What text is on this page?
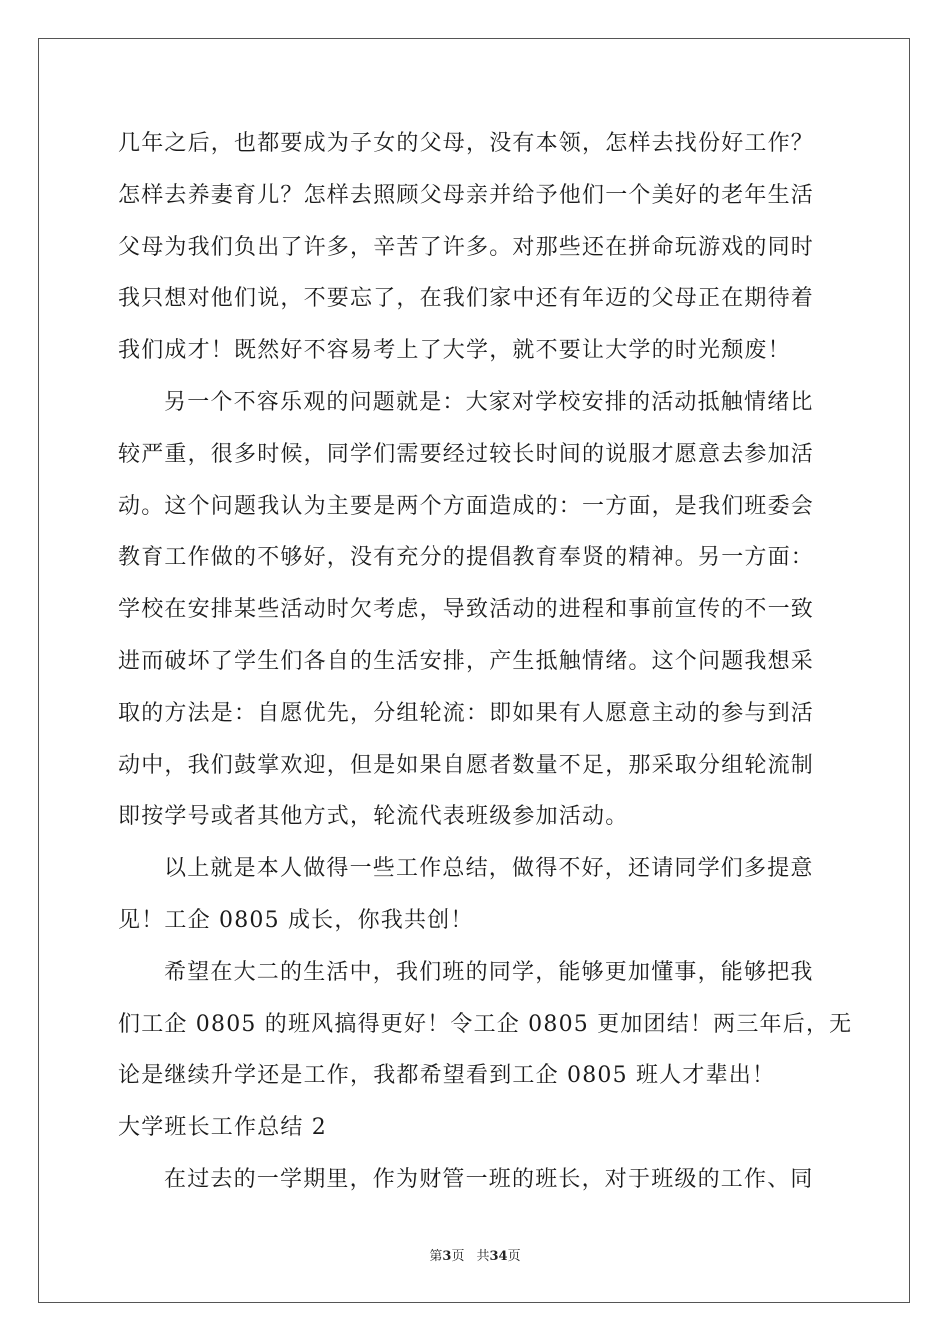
几年之后，也都要成为子女的父母，没有本领，怎样去找份好工作？
怎样去养妻育儿？怎样去照顾父母亲并给予他们一个美好的老年生活
父母为我们负出了许多，辛苦了许多。对那些还在拼命玩游戏的同时
我只想对他们说，不要忘了，在我们家中还有年迈的父母正在期待着
我们成才！既然好不容易考上了大学，就不要让大学的时光颓废！
另一个不容乐观的问题就是：大家对学校安排的活动抵触情绪比
较严重，很多时候，同学们需要经过较长时间的说服才愿意去参加活
动。这个问题我认为主要是两个方面造成的：一方面，是我们班委会
教育工作做的不够好，没有充分的提倡教育奉贤的精神。另一方面：
学校在安排某些活动时欠考虑，导致活动的进程和事前宣传的不一致
进而破坏了学生们各自的生活安排，产生抵触情绪。这个问题我想采
取的方法是：自愿优先，分组轮流：即如果有人愿意主动的参与到活
动中，我们鼓掌欢迎，但是如果自愿者数量不足，那采取分组轮流制
即按学号或者其他方式，轮流代表班级参加活动。
以上就是本人做得一些工作总结，做得不好，还请同学们多提意
见！工企 0805 成长，你我共创！
希望在大二的生活中，我们班的同学，能够更加懂事，能够把我
们工企 0805 的班风搞得更好！令工企 0805 更加团结！两三年后，无
论是继续升学还是工作，我都希望看到工企 0805 班人才辈出！
大学班长工作总结 2
在过去的一学期里，作为财管一班的班长，对于班级的工作、同
第3页 共34页
